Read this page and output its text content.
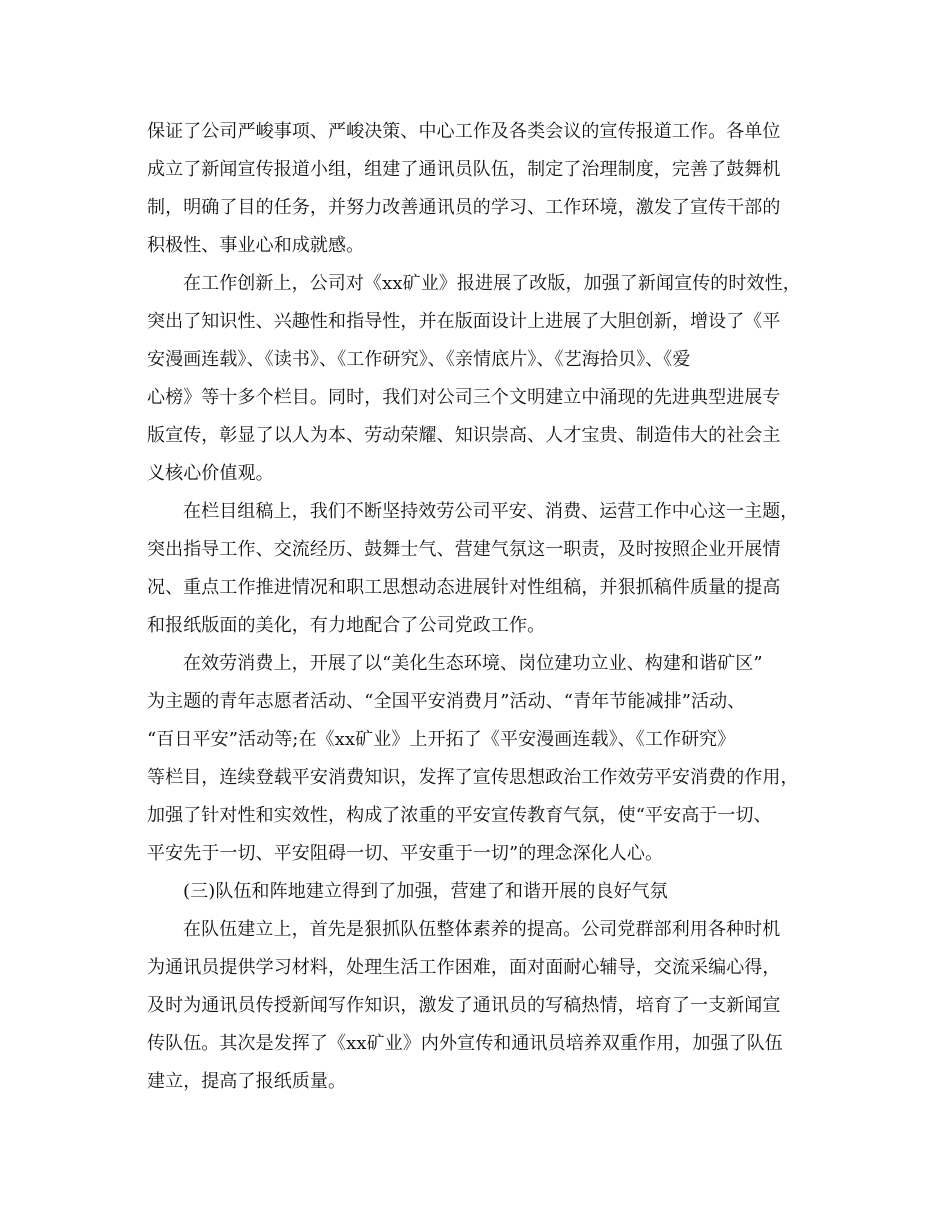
保证了公司严峻事项、严峻决策、中心工作及各类会议的宣传报道工作。各单位
成立了新闻宣传报道小组，组建了通讯员队伍，制定了治理制度，完善了鼓舞机
制，明确了目的任务，并努力改善通讯员的学习、工作环境，激发了宣传干部的
积极性、事业心和成就感。
在工作创新上，公司对《xx矿业》报进展了改版，加强了新闻宣传的时效性，
突出了知识性、兴趣性和指导性，并在版面设计上进展了大胆创新，增设了《平
安漫画连载》、《读书》、《工作研究》、《亲情底片》、《艺海拾贝》、《爱
心榜》等十多个栏目。同时，我们对公司三个文明建立中涌现的先进典型进展专
版宣传，彰显了以人为本、劳动荣耀、知识崇高、人才宝贵、制造伟大的社会主
义核心价值观。
在栏目组稿上，我们不断坚持效劳公司平安、消费、运营工作中心这一主题，
突出指导工作、交流经历、鼓舞士气、营建气氛这一职责，及时按照企业开展情
况、重点工作推进情况和职工思想动态进展针对性组稿，并狠抓稿件质量的提高
和报纸版面的美化，有力地配合了公司党政工作。
在效劳消费上，开展了以“美化生态环境、岗位建功立业、构建和谐矿区”
为主题的青年志愿者活动、“全国平安消费月”活动、“青年节能减排”活动、
“百日平安”活动等;在《xx矿业》上开拓了《平安漫画连载》、《工作研究》
等栏目，连续登载平安消费知识，发挥了宣传思想政治工作效劳平安消费的作用，
加强了针对性和实效性，构成了浓重的平安宣传教育气氛，使“平安高于一切、
平安先于一切、平安阻碍一切、平安重于一切”的理念深化人心。
(三)队伍和阵地建立得到了加强，营建了和谐开展的良好气氛
在队伍建立上，首先是狠抓队伍整体素养的提高。公司党群部利用各种时机
为通讯员提供学习材料，处理生活工作困难，面对面耐心辅导，交流采编心得，
及时为通讯员传授新闻写作知识，激发了通讯员的写稿热情，培育了一支新闻宣
传队伍。其次是发挥了《xx矿业》内外宣传和通讯员培养双重作用，加强了队伍
建立，提高了报纸质量。
